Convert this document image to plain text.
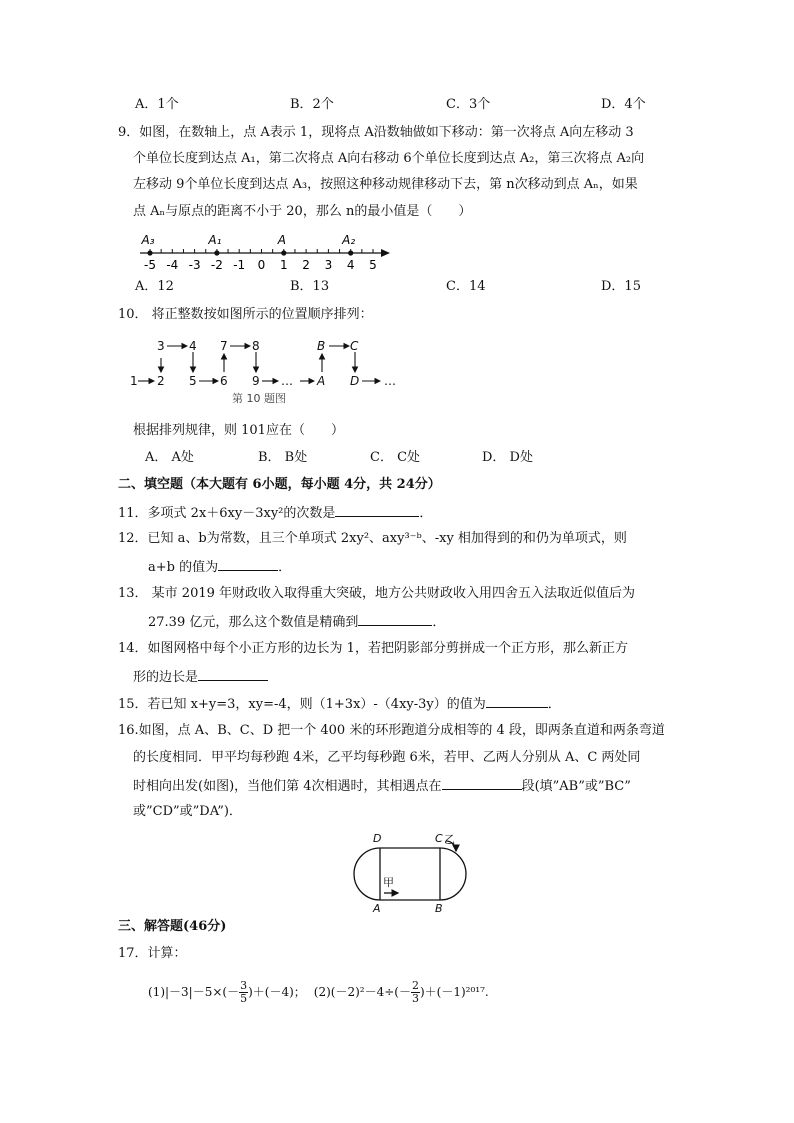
A．1个	B．2个	C．3个	D．4个
9．如图，在数轴上，点 A表示 1，现将点 A沿数轴做如下移动：第一次将点 A向左移动 3
个单位长度到达点 A₁，第二次将点 A向右移动 6个单位长度到达点 A₂，第三次将点 A₂向
左移动 9个单位长度到达点 A₃，按照这种移动规律移动下去，第 n次移动到点 Aₙ，如果
点 Aₙ与原点的距离不小于 20，那么 n的最小值是（　　）
-5 -4 -3 -2 -1 0 1 2 3 4 5
A₃	A₁	A	A₂
A．12	B．13	C．14	D．15
10． 将正整数按如图所示的位置顺序排列：
1 2
3 4
5 6
7 8
9 … A
B C
D …
第 10 题图
根据排列规律，则 101应在（　　）
A． A处	B． B处	C． C处	D． D处
二、填空题（本大题有 6小题，每小题 4分，共 24分）
11．多项式 2x＋6xy－3xy²的次数是	．
12．已知 a、b为常数，且三个单项式 2xy²、axy³⁻ᵇ、-xy 相加得到的和仍为单项式，则
a+b 的值为	．
13． 某市 2019 年财政收入取得重大突破，地方公共财政收入用四舍五入法取近似值后为
27.39 亿元，那么这个数值是精确到	．
14．如图网格中每个小正方形的边长为 1，若把阴影部分剪拼成一个正方形，那么新正方
形的边长是
15．若已知 x+y=3，xy=-4，则（1+3x）-（4xy-3y）的值为	．
16.如图，点 A、B、C、D 把一个 400 米的环形跑道分成相等的 4 段，即两条直道和两条弯道
的长度相同．甲平均每秒跑 4米，乙平均每秒跑 6米，若甲、乙两人分别从 A、C 两处同
时相向出发(如图)，当他们第 4次相遇时，其相遇点在	段(填”AB”或”BC”
或”CD”或”DA”)．
D	C 乙
甲
A	B
三、解答题(46分)
17．计算：
$(1)|-3|-5\times(- \frac{3}{5} )+(-4)$； $(2)(-2)^2-4\div(- \frac{2}{3} )+(-1)^{2017}$.
